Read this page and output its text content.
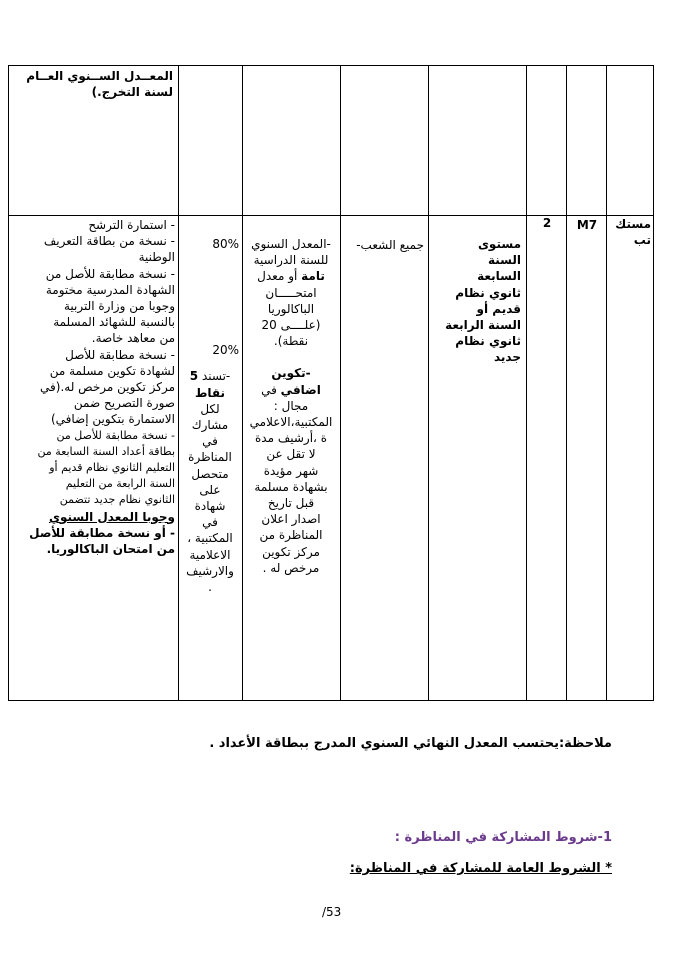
المعــدل الســنوي العــام
لسنة التخرج.)
مستك
تب
M7
2
مستوى
السنة
السابعة
ثانوي نظام
قديم أو
السنة الرابعة
ثانوي نظام
جديد
جميع الشعب-
-المعدل السنوي
للسنة الدراسية
تامة أو معدل
امتحـــــان
الباكالوريا
(علــــى 20
نقطة).
-تكوين
اضافي في
مجال :
المكتبية،الاعلامي
ة ،أرشيف مدة
لا تقل عن
شهر مؤيدة
بشهادة مسلمة
قبل تاريخ
اصدار اعلان
المناظرة من
مركز تكوين
مرخص له .
80%
20%
-تسند 5
نقاط
لكل
مشارك
في
المناظرة
متحصل
على
شهادة
في
المكتبية ،
الاعلامية
والارشيف
.
- استمارة الترشح
- نسخة من بطاقة التعريف
الوطنية
- نسخة مطابقة للأصل من
الشهادة المدرسية مختومة
وجوبا من وزارة التربية
بالنسبة للشهائد المسلمة
من معاهد خاصة.
- نسخة مطابقة للأصل
لشهادة تكوين مسلمة من
مركز تكوين مرخص له.(في
صورة التصريح ضمن
الاستمارة بتكوين إضافي)
- نسخة مطابقة للأصل من
بطاقة أعداد السنة السابعة من
التعليم الثانوي نظام قديم أو
السنة الرابعة من التعليم
الثانوي نظام جديد تتضمن
وجوبا المعدل السنوي
- أو نسخة مطابقة للأصل
من امتحان الباكالوريا.
ملاحظة:يحتسب المعدل النهائي السنوي المدرج ببطاقة الأعداد .
1-شروط المشاركة في المناظرة :
* الشروط العامة للمشاركة في المناظرة:
/53
